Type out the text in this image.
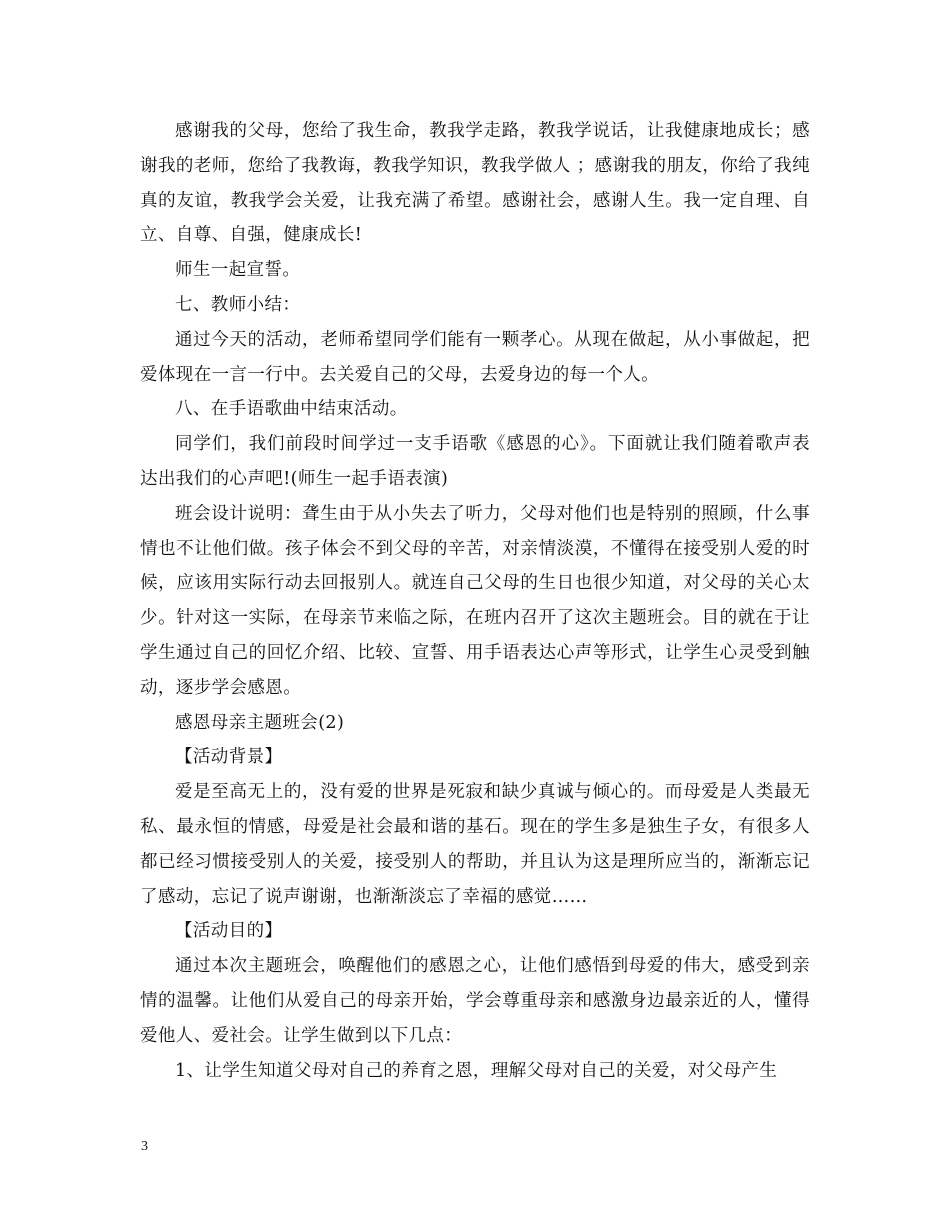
感谢我的父母，您给了我生命，教我学走路，教我学说话，让我健康地成长；感谢我的老师，您给了我教诲，教我学知识，教我学做人 ；感谢我的朋友，你给了我纯真的友谊，教我学会关爱，让我充满了希望。感谢社会，感谢人生。我一定自理、自立、自尊、自强，健康成长!

师生一起宣誓。

七、教师小结：

通过今天的活动，老师希望同学们能有一颗孝心。从现在做起，从小事做起，把爱体现在一言一行中。去关爱自己的父母，去爱身边的每一个人。

八、在手语歌曲中结束活动。

同学们，我们前段时间学过一支手语歌《感恩的心》。下面就让我们随着歌声表达出我们的心声吧!(师生一起手语表演)

班会设计说明：聋生由于从小失去了听力，父母对他们也是特别的照顾，什么事情也不让他们做。孩子体会不到父母的辛苦，对亲情淡漠，不懂得在接受别人爱的时候，应该用实际行动去回报别人。就连自己父母的生日也很少知道，对父母的关心太少。针对这一实际，在母亲节来临之际，在班内召开了这次主题班会。目的就在于让学生通过自己的回忆介绍、比较、宣誓、用手语表达心声等形式，让学生心灵受到触动，逐步学会感恩。

感恩母亲主题班会(2)

【活动背景】

爱是至高无上的，没有爱的世界是死寂和缺少真诚与倾心的。而母爱是人类最无私、最永恒的情感，母爱是社会最和谐的基石。现在的学生多是独生子女，有很多人都已经习惯接受别人的关爱，接受别人的帮助，并且认为这是理所应当的，渐渐忘记了感动，忘记了说声谢谢，也渐渐淡忘了幸福的感觉……

【活动目的】

通过本次主题班会，唤醒他们的感恩之心，让他们感悟到母爱的伟大，感受到亲情的温馨。让他们从爱自己的母亲开始，学会尊重母亲和感激身边最亲近的人，懂得爱他人、爱社会。让学生做到以下几点：

1、让学生知道父母对自己的养育之恩，理解父母对自己的关爱，对父母产生

3
